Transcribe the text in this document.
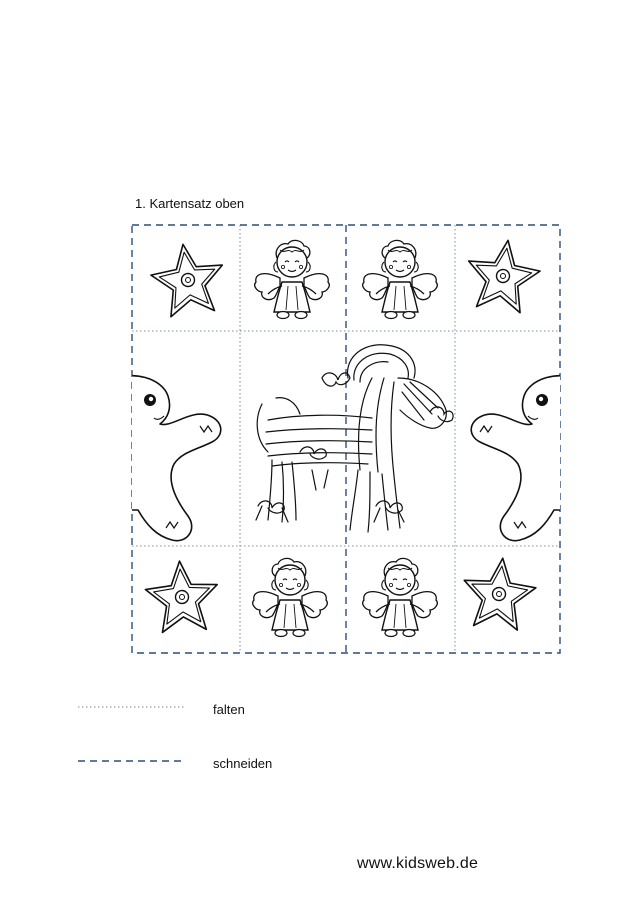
1. Kartensatz oben
falten
schneiden
www.kidsweb.de
